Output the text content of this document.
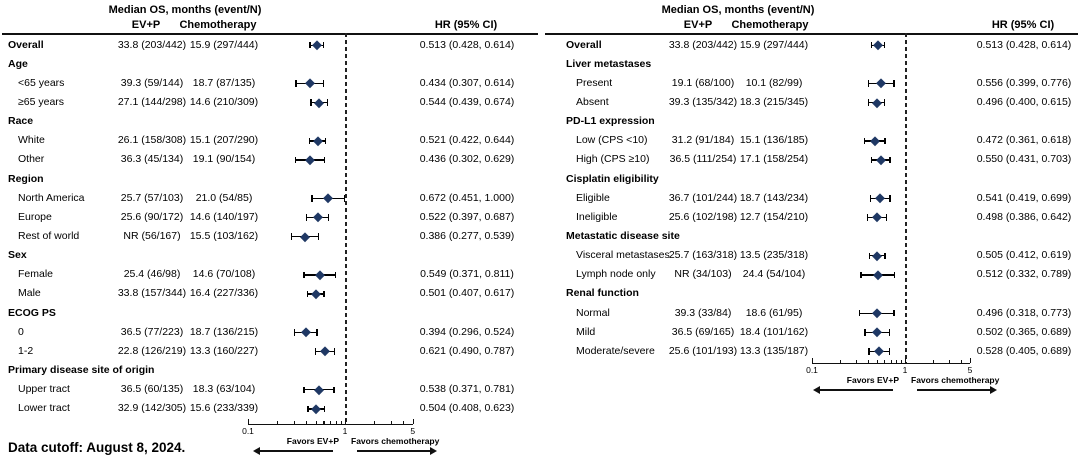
Median OS, months (event/N)
EV+P Chemotherapy	HR (95% CI)
Overall	33.8 (203/442) 15.9 (297/444)	0.513 (0.428, 0.614)
Age
<65 years	39.3 (59/144) 18.7 (87/135)	0.434 (0.307, 0.614)
≥65 years	27.1 (144/298) 14.6 (210/309)	0.544 (0.439, 0.674)
Race
White	26.1 (158/308) 15.1 (207/290)	0.521 (0.422, 0.644)
Other	36.3 (45/134) 19.1 (90/154)	0.436 (0.302, 0.629)
Region
North America	25.7 (57/103) 21.0 (54/85)	0.672 (0.451, 1.000)
Europe	25.6 (90/172) 14.6 (140/197)	0.522 (0.397, 0.687)
Rest of world	NR (56/167) 15.5 (103/162)	0.386 (0.277, 0.539)
Sex
Female	25.4 (46/98) 14.6 (70/108)	0.549 (0.371, 0.811)
Male	33.8 (157/344) 16.4 (227/336)	0.501 (0.407, 0.617)
ECOG PS
0	36.5 (77/223) 18.7 (136/215)	0.394 (0.296, 0.524)
1-2	22.8 (126/219) 13.3 (160/227)	0.621 (0.490, 0.787)
Primary disease site of origin
Upper tract	36.5 (60/135) 18.3 (63/104)	0.538 (0.371, 0.781)
Lower tract	32.9 (142/305) 15.6 (233/339)	0.504 (0.408, 0.623)
0.1	1	5
Favors EV+P Favors chemotherapy
Median OS, months (event/N)
EV+P Chemotherapy	HR (95% CI)
Overall	33.8 (203/442) 15.9 (297/444)	0.513 (0.428, 0.614)
Liver metastases
Present	19.1 (68/100) 10.1 (82/99)	0.556 (0.399, 0.776)
Absent	39.3 (135/342) 18.3 (215/345)	0.496 (0.400, 0.615)
PD-L1 expression
Low (CPS <10) 31.2 (91/184) 15.1 (136/185)	0.472 (0.361, 0.618)
High (CPS ≥10) 36.5 (111/254) 17.1 (158/254)	0.550 (0.431, 0.703)
Cisplatin eligibility
Eligible	36.7 (101/244) 18.7 (143/234)	0.541 (0.419, 0.699)
Ineligible	25.6 (102/198) 12.7 (154/210)	0.498 (0.386, 0.642)
Metastatic disease site
Visceral metastases 25.7 (163/318) 13.5 (235/318)	0.505 (0.412, 0.619)
Lymph node only NR (34/103) 24.4 (54/104)	0.512 (0.332, 0.789)
Renal function
Normal	39.3 (33/84) 18.6 (61/95)	0.496 (0.318, 0.773)
Mild	36.5 (69/165) 18.4 (101/162)	0.502 (0.365, 0.689)
Moderate/severe 25.6 (101/193) 13.3 (135/187)	0.528 (0.405, 0.689)
0.1	1	5
Favors EV+P Favors chemotherapy
Data cutoff: August 8, 2024.
